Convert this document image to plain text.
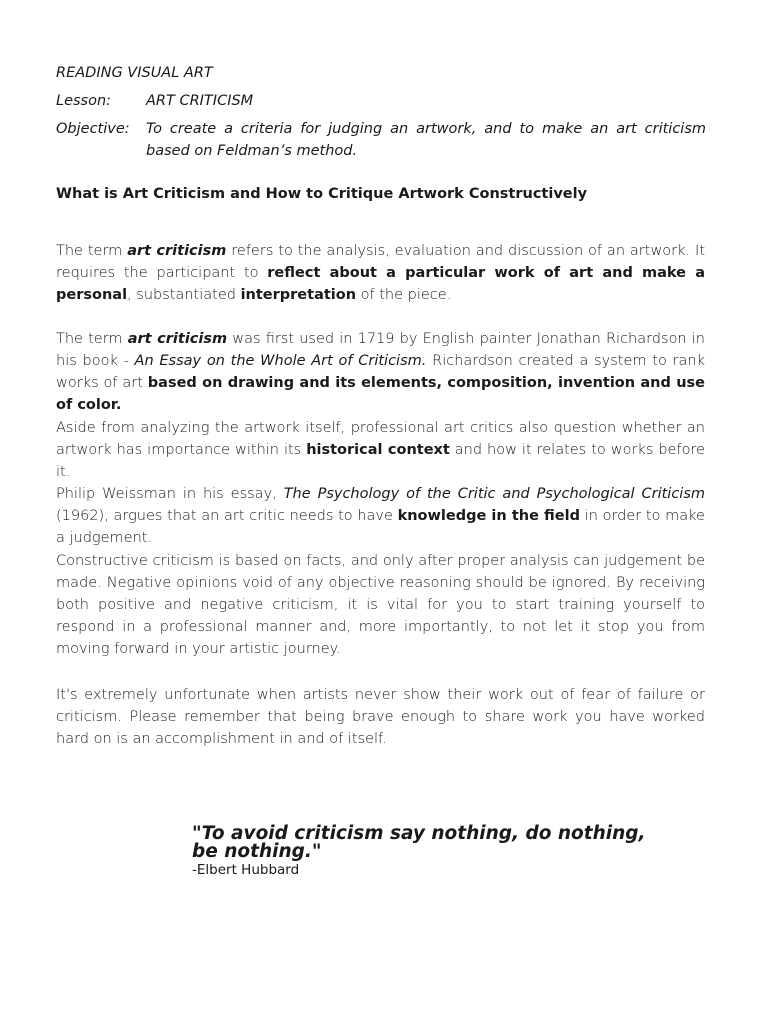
READING VISUAL ART
Lesson:	ART CRITICISM
Objective:	To create a criteria for judging an artwork, and to make an art criticism based on Feldman’s method.
What is Art Criticism and How to Critique Artwork Constructively

The term art criticism refers to the analysis, evaluation and discussion of an artwork. It requires the participant to reflect about a particular work of art and make a personal, substantiated interpretation of the piece.

The term art criticism was first used in 1719 by English painter Jonathan Richardson in his book - An Essay on the Whole Art of Criticism. Richardson created a system to rank works of art based on drawing and its elements, composition, invention and use of color.

Aside from analyzing the artwork itself, professional art critics also question whether an artwork has importance within its historical context and how it relates to works before it.

Philip Weissman in his essay, The Psychology of the Critic and Psychological Criticism (1962), argues that an art critic needs to have knowledge in the field in order to make a judgement.

Constructive criticism is based on facts, and only after proper analysis can judgement be made. Negative opinions void of any objective reasoning should be ignored. By receiving both positive and negative criticism, it is vital for you to start training yourself to respond in a professional manner and, more importantly, to not let it stop you from moving forward in your artistic journey.

It's extremely unfortunate when artists never show their work out of fear of failure or criticism. Please remember that being brave enough to share work you have worked hard on is an accomplishment in and of itself.

"To avoid criticism say nothing, do nothing, be nothing."
-Elbert Hubbard
